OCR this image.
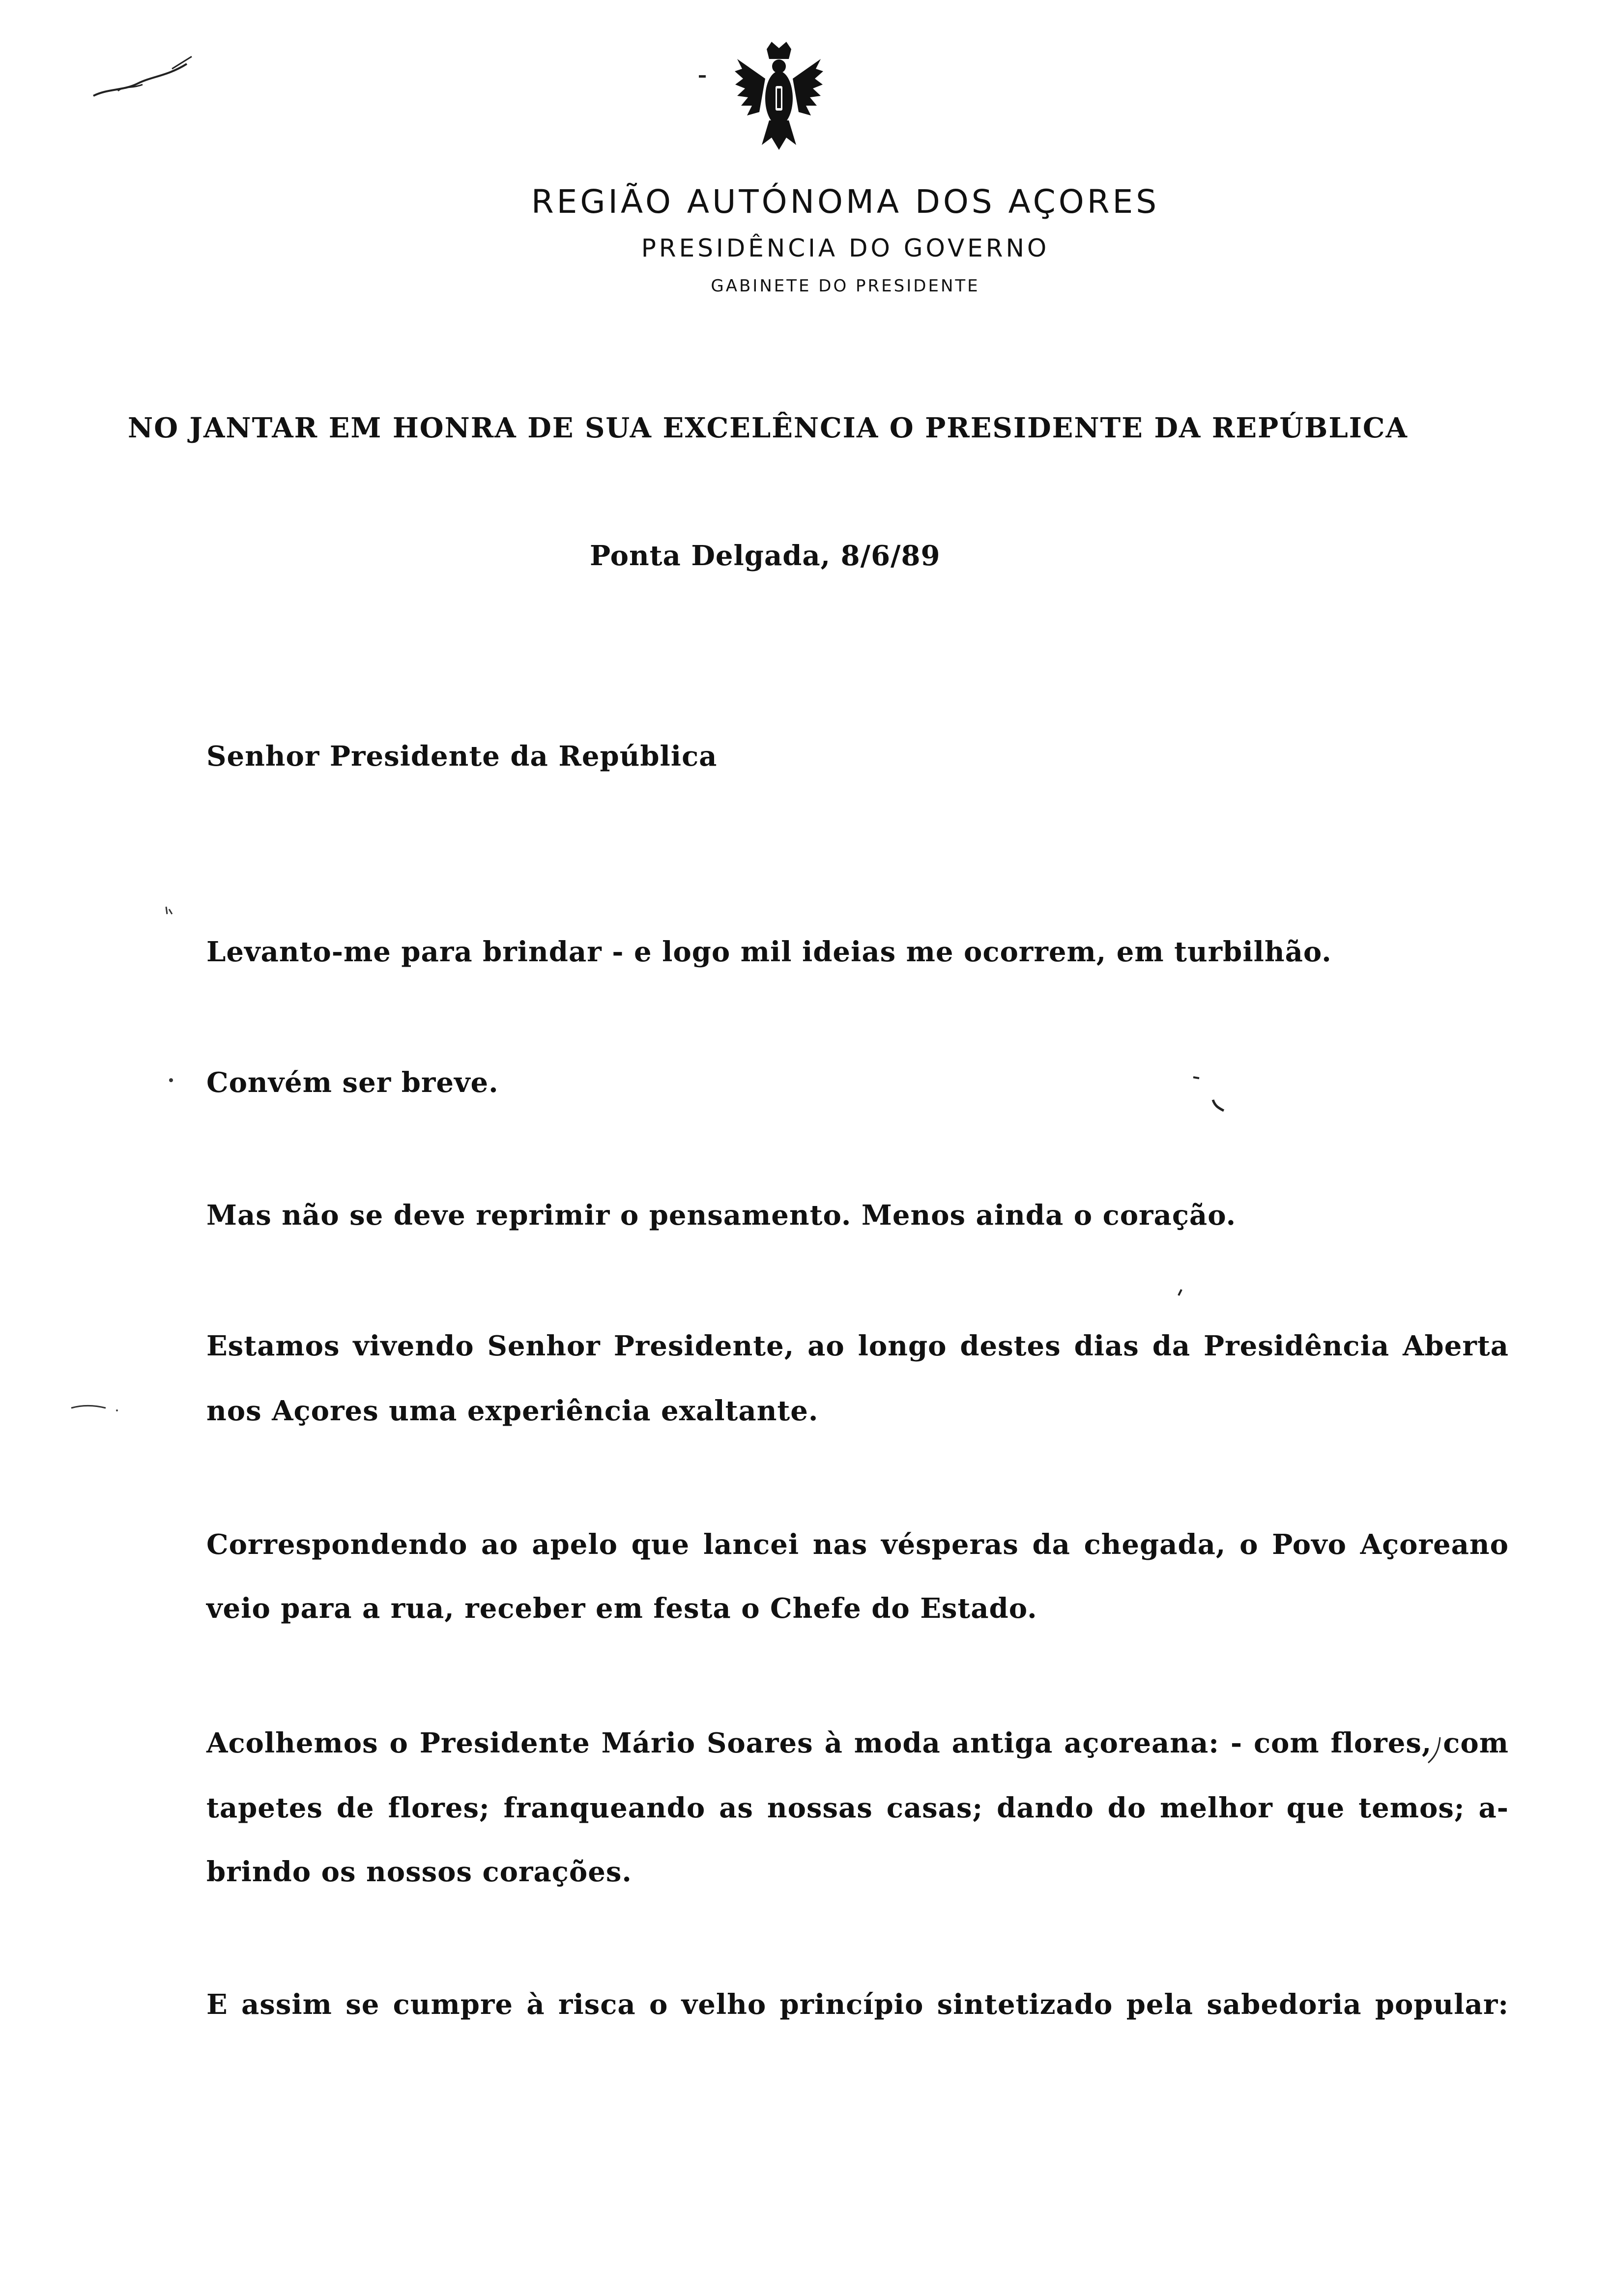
REGIÃO AUTÓNOMA DOS AÇORES

PRESIDÊNCIA DO GOVERNO

GABINETE DO PRESIDENTE

NO JANTAR EM HONRA DE SUA EXCELÊNCIA O PRESIDENTE DA REPÚBLICA

Ponta Delgada, 8/6/89

Senhor Presidente da República

Levanto-me para brindar - e logo mil ideias me ocorrem, em turbilhão.

Convém ser breve.

Mas não se deve reprimir o pensamento. Menos ainda o coração.

Estamos vivendo Senhor Presidente, ao longo destes dias da Presidência Aberta

nos Açores uma experiência exaltante.

Correspondendo ao apelo que lancei nas vésperas da chegada, o Povo Açoreano

veio para a rua, receber em festa o Chefe do Estado.

Acolhemos o Presidente Mário Soares à moda antiga açoreana: - com flores, com

tapetes de flores; franqueando as nossas casas; dando do melhor que temos; a-

brindo os nossos corações.

E assim se cumpre à risca o velho princípio sintetizado pela sabedoria popular:
